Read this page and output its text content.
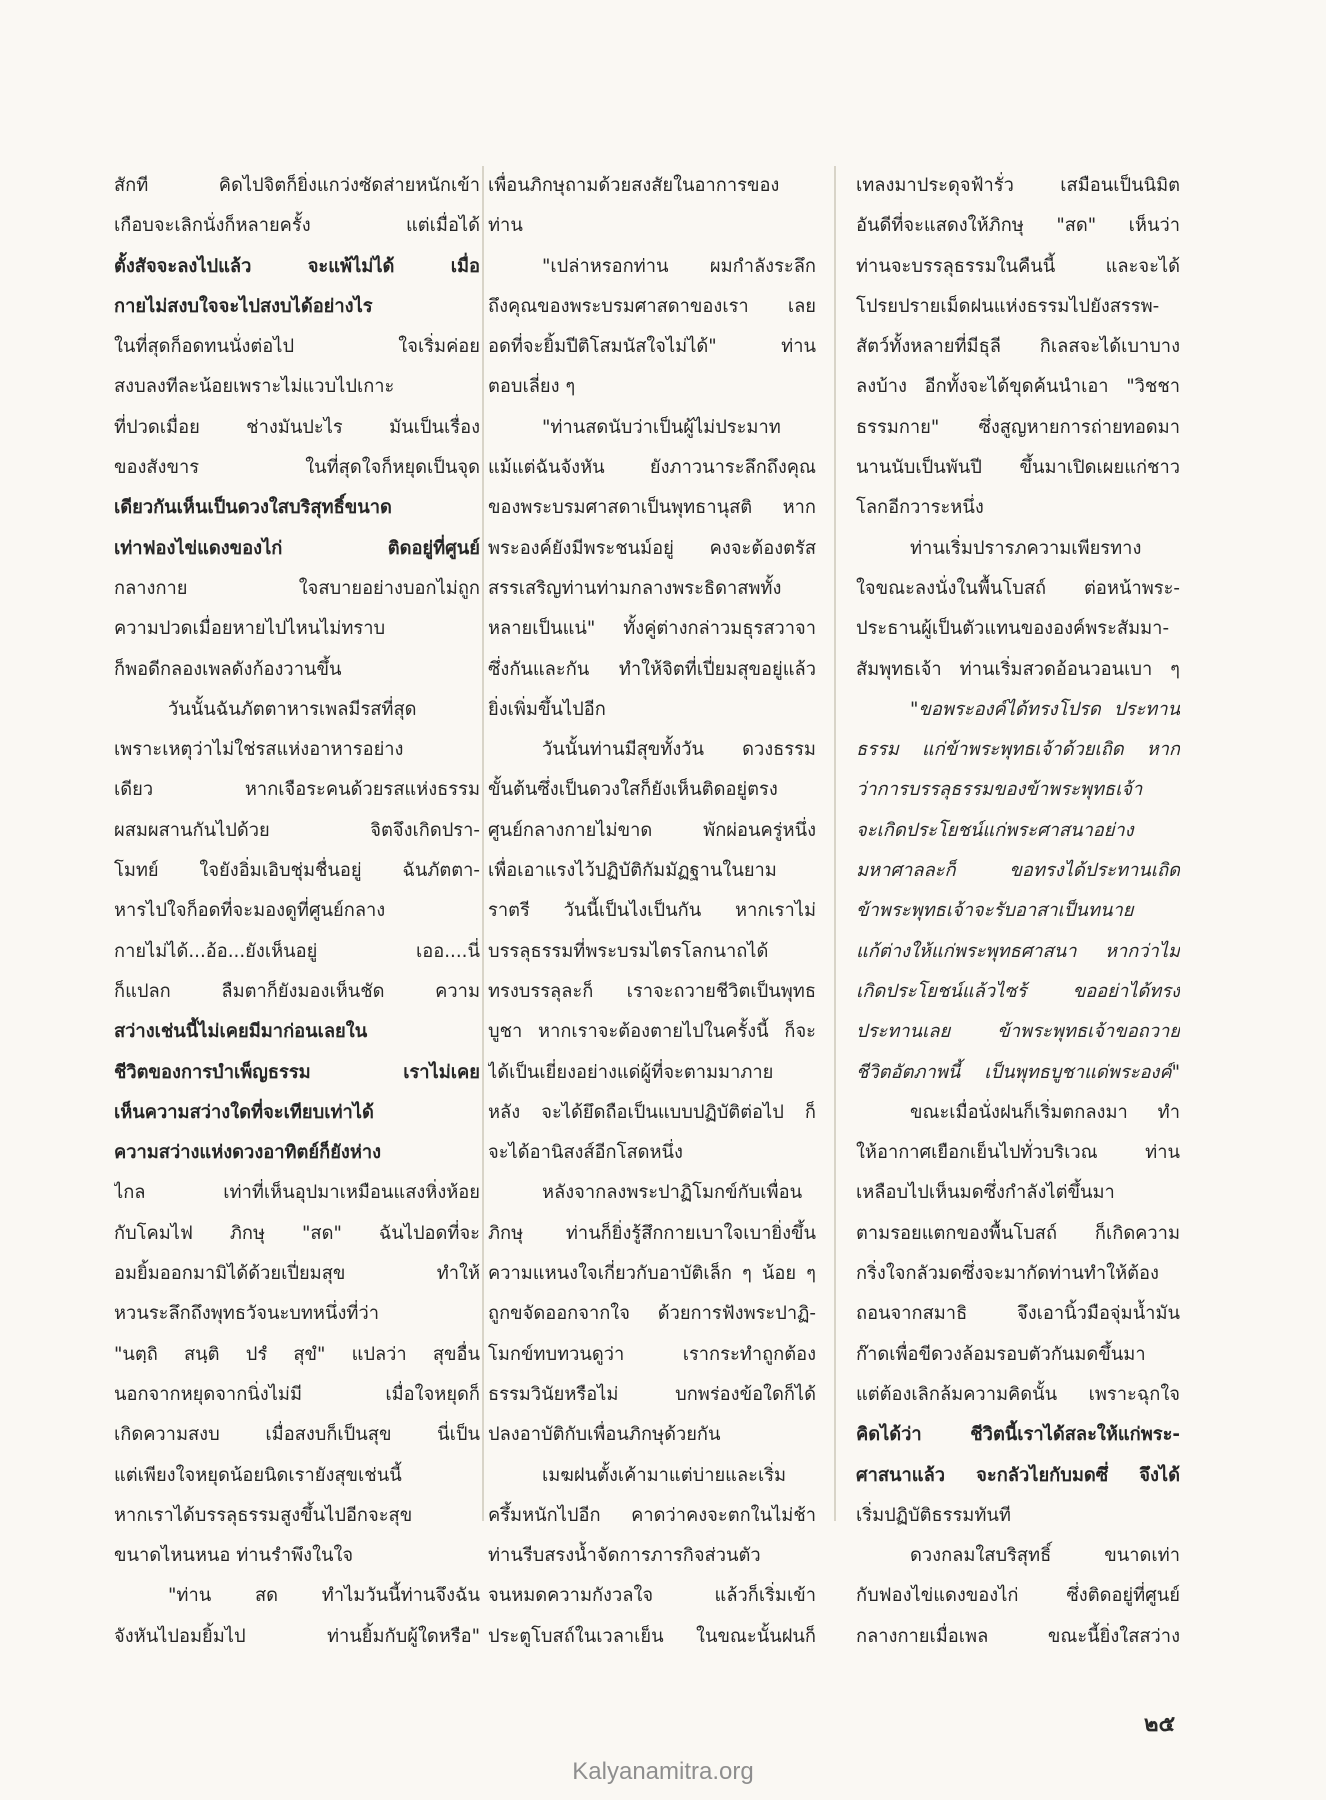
สักที คิดไปจิตก็ยิ่งแกว่งซัดส่ายหนักเข้า
เกือบจะเลิกนั่งก็หลายครั้ง แต่เมื่อได้
ตั้งสัจจะลงไปแล้ว จะแพ้ไม่ได้ เมื่อ
กายไม่สงบใจจะไปสงบได้อย่างไร
ในที่สุดก็อดทนนั่งต่อไป ใจเริ่มค่อย
สงบลงทีละน้อยเพราะไม่แวบไปเกาะ
ที่ปวดเมื่อย ช่างมันปะไร มันเป็นเรื่อง
ของสังขาร ในที่สุดใจก็หยุดเป็นจุด
เดียวกันเห็นเป็นดวงใสบริสุทธิ์ขนาด
เท่าฟองไข่แดงของไก่ ติดอยู่ที่ศูนย์
กลางกาย ใจสบายอย่างบอกไม่ถูก
ความปวดเมื่อยหายไปไหนไม่ทราบ
ก็พอดีกลองเพลดังก้องวานขึ้น
วันนั้นฉันภัตตาหารเพลมีรสที่สุด
เพราะเหตุว่าไม่ใช่รสแห่งอาหารอย่าง
เดียว หากเจือระคนด้วยรสแห่งธรรม
ผสมผสานกันไปด้วย จิตจึงเกิดปรา-
โมทย์ ใจยังอิ่มเอิบชุ่มชื่นอยู่ ฉันภัตตา-
หารไปใจก็อดที่จะมองดูที่ศูนย์กลาง
กายไม่ได้...อ้อ...ยังเห็นอยู่ เออ....นี่
ก็แปลก ลืมตาก็ยังมองเห็นชัด ความ
สว่างเช่นนี้ไม่เคยมีมาก่อนเลยใน
ชีวิตของการบำเพ็ญธรรม เราไม่เคย
เห็นความสว่างใดที่จะเทียบเท่าได้
ความสว่างแห่งดวงอาทิตย์ก็ยังห่าง
ไกล เท่าที่เห็นอุปมาเหมือนแสงหิ่งห้อย
กับโคมไฟ ภิกษุ "สด" ฉันไปอดที่จะ
อมยิ้มออกมามิได้ด้วยเปี่ยมสุข ทำให้
หวนระลึกถึงพุทธวัจนะบทหนึ่งที่ว่า
"นตฺถิ สนฺติ ปรํ สุขํ" แปลว่า สุขอื่น
นอกจากหยุดจากนิ่งไม่มี เมื่อใจหยุดก็
เกิดความสงบ เมื่อสงบก็เป็นสุข นี่เป็น
แต่เพียงใจหยุดน้อยนิดเรายังสุขเช่นนี้
หากเราได้บรรลุธรรมสูงขึ้นไปอีกจะสุข
ขนาดไหนหนอ ท่านรำพึงในใจ
"ท่าน สด ทำไมวันนี้ท่านจึงฉัน
จังหันไปอมยิ้มไป ท่านยิ้มกับผู้ใดหรือ"
เพื่อนภิกษุถามด้วยสงสัยในอาการของ
ท่าน
"เปล่าหรอกท่าน ผมกำลังระลึก
ถึงคุณของพระบรมศาสดาของเรา เลย
อดที่จะยิ้มปีติโสมนัสใจไม่ได้" ท่าน
ตอบเลี่ยง ๆ
"ท่านสดนับว่าเป็นผู้ไม่ประมาท
แม้แต่ฉันจังหัน ยังภาวนาระลึกถึงคุณ
ของพระบรมศาสดาเป็นพุทธานุสติ หาก
พระองค์ยังมีพระชนม์อยู่ คงจะต้องตรัส
สรรเสริญท่านท่ามกลางพระธิดาสพทั้ง
หลายเป็นแน่" ทั้งคู่ต่างกล่าวมธุรสวาจา
ซึ่งกันและกัน ทำให้จิตที่เปี่ยมสุขอยู่แล้ว
ยิ่งเพิ่มขึ้นไปอีก
วันนั้นท่านมีสุขทั้งวัน ดวงธรรม
ขั้นต้นซึ่งเป็นดวงใสก็ยังเห็นติดอยู่ตรง
ศูนย์กลางกายไม่ขาด พักผ่อนครู่หนึ่ง
เพื่อเอาแรงไว้ปฏิบัติกัมมัฏฐานในยาม
ราตรี วันนี้เป็นไงเป็นกัน หากเราไม่
บรรลุธรรมที่พระบรมไตรโลกนาถได้
ทรงบรรลุละก็ เราจะถวายชีวิตเป็นพุทธ
บูชา หากเราจะต้องตายไปในครั้งนี้ ก็จะ
ได้เป็นเยี่ยงอย่างแด่ผู้ที่จะตามมาภาย
หลัง จะได้ยึดถือเป็นแบบปฏิบัติต่อไป ก็
จะได้อานิสงส์อีกโสดหนึ่ง
หลังจากลงพระปาฏิโมกข์กับเพื่อน
ภิกษุ ท่านก็ยิ่งรู้สึกกายเบาใจเบายิ่งขึ้น
ความแหนงใจเกี่ยวกับอาบัติเล็ก ๆ น้อย ๆ
ถูกขจัดออกจากใจ ด้วยการฟังพระปาฏิ-
โมกข์ทบทวนดูว่า เรากระทำถูกต้อง
ธรรมวินัยหรือไม่ บกพร่องข้อใดก็ได้
ปลงอาบัติกับเพื่อนภิกษุด้วยกัน
เมฆฝนตั้งเค้ามาแต่บ่ายและเริ่ม
ครึ้มหนักไปอีก คาดว่าคงจะตกในไม่ช้า
ท่านรีบสรงน้ำจัดการภารกิจส่วนตัว
จนหมดความกังวลใจ แล้วก็เริ่มเข้า
ประตูโบสถ์ในเวลาเย็น ในขณะนั้นฝนก็
เทลงมาประดุจฟ้ารั่ว เสมือนเป็นนิมิต
อันดีที่จะแสดงให้ภิกษุ "สด" เห็นว่า
ท่านจะบรรลุธรรมในคืนนี้ และจะได้
โปรยปรายเม็ดฝนแห่งธรรมไปยังสรรพ-
สัตว์ทั้งหลายที่มีธุลี กิเลสจะได้เบาบาง
ลงบ้าง อีกทั้งจะได้ขุดค้นนำเอา "วิชชา
ธรรมกาย" ซึ่งสูญหายการถ่ายทอดมา
นานนับเป็นพันปี ขึ้นมาเปิดเผยแก่ชาว
โลกอีกวาระหนึ่ง
ท่านเริ่มปรารภความเพียรทาง
ใจขณะลงนั่งในพื้นโบสถ์ ต่อหน้าพระ-
ประธานผู้เป็นตัวแทนขององค์พระสัมมา-
สัมพุทธเจ้า ท่านเริ่มสวดอ้อนวอนเบา ๆ
"ขอพระองค์ได้ทรงโปรด ประทาน
ธรรม แก่ข้าพระพุทธเจ้าด้วยเถิด หาก
ว่าการบรรลุธรรมของข้าพระพุทธเจ้า
จะเกิดประโยชน์แก่พระศาสนาอย่าง
มหาศาลละก็ ขอทรงได้ประทานเถิด
ข้าพระพุทธเจ้าจะรับอาสาเป็นทนาย
แก้ต่างให้แก่พระพุทธศาสนา หากว่าไม่
เกิดประโยชน์แล้วไซร้ ขออย่าได้ทรง
ประทานเลย ข้าพระพุทธเจ้าขอถวาย
ชีวิตอัตภาพนี้ เป็นพุทธบูชาแด่พระองค์"
ขณะเมื่อนั่งฝนก็เริ่มตกลงมา ทำ
ให้อากาศเยือกเย็นไปทั่วบริเวณ ท่าน
เหลือบไปเห็นมดซึ่งกำลังไต่ขึ้นมา
ตามรอยแตกของพื้นโบสถ์ ก็เกิดความ
กริ่งใจกลัวมดซึ่งจะมากัดท่านทำให้ต้อง
ถอนจากสมาธิ จึงเอานิ้วมือจุ่มน้ำมัน
ก๊าดเพื่อขีดวงล้อมรอบตัวกันมดขึ้นมา
แต่ต้องเลิกล้มความคิดนั้น เพราะฉุกใจ
คิดได้ว่า ชีวิตนี้เราได้สละให้แก่พระ-
ศาสนาแล้ว จะกลัวไยกับมดซึ่ จึงได้
เริ่มปฏิบัติธรรมทันที
ดวงกลมใสบริสุทธิ์ ขนาดเท่า
กับฟองไข่แดงของไก่ ซึ่งติดอยู่ที่ศูนย์
กลางกายเมื่อเพล ขณะนี้ยิ่งใสสว่าง
๒๕
Kalyanamitra.org
